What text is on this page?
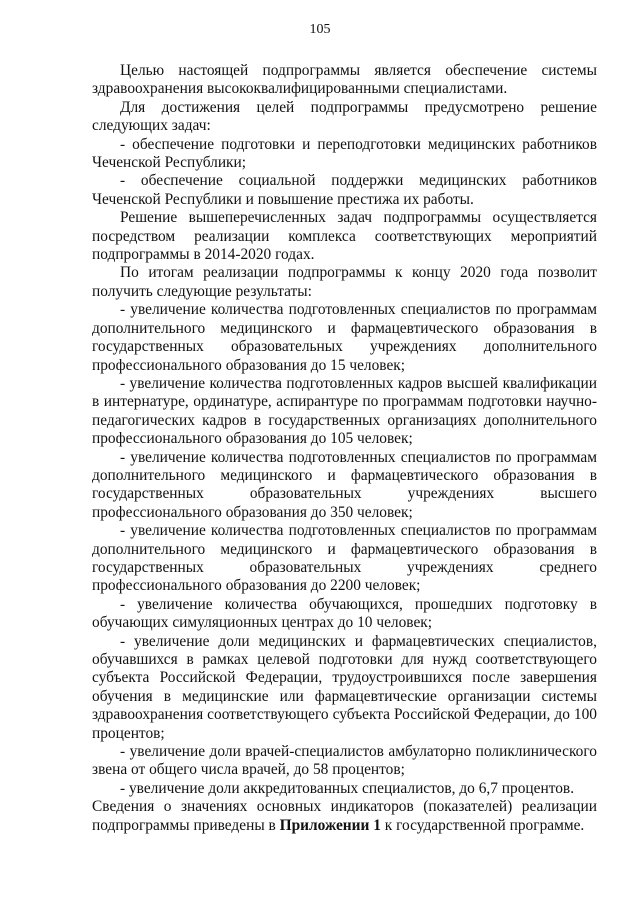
105

Целью настоящей подпрограммы является обеспечение системы здравоохранения высококвалифицированными специалистами.

Для достижения целей подпрограммы предусмотрено решение следующих задач:

- обеспечение подготовки и переподготовки медицинских работников Чеченской Республики;

- обеспечение социальной поддержки медицинских работников Чеченской Республики и повышение престижа их работы.

Решение вышеперечисленных задач подпрограммы осуществляется посредством реализации комплекса соответствующих мероприятий подпрограммы в 2014-2020 годах.

По итогам реализации подпрограммы к концу 2020 года позволит получить следующие результаты:

- увеличение количества подготовленных специалистов по программам дополнительного медицинского и фармацевтического образования в государственных образовательных учреждениях дополнительного профессионального образования до 15 человек;

- увеличение количества подготовленных кадров высшей квалификации в интернатуре, ординатуре, аспирантуре по программам подготовки научно-педагогических кадров в государственных организациях дополнительного профессионального образования до 105 человек;

- увеличение количества подготовленных специалистов по программам дополнительного медицинского и фармацевтического образования в государственных образовательных учреждениях высшего профессионального образования до 350 человек;

- увеличение количества подготовленных специалистов по программам дополнительного медицинского и фармацевтического образования в государственных образовательных учреждениях среднего профессионального образования до 2200 человек;

- увеличение количества обучающихся, прошедших подготовку в обучающих симуляционных центрах до 10 человек;

- увеличение доли медицинских и фармацевтических специалистов, обучавшихся в рамках целевой подготовки для нужд соответствующего субъекта Российской Федерации, трудоустроившихся после завершения обучения в медицинские или фармацевтические организации системы здравоохранения соответствующего субъекта Российской Федерации, до 100 процентов;

- увеличение доли врачей-специалистов амбулаторно поликлинического звена от общего числа врачей, до 58 процентов;

- увеличение доли аккредитованных специалистов, до 6,7 процентов.

Сведения о значениях основных индикаторов (показателей) реализации подпрограммы приведены в Приложении 1 к государственной программе.
